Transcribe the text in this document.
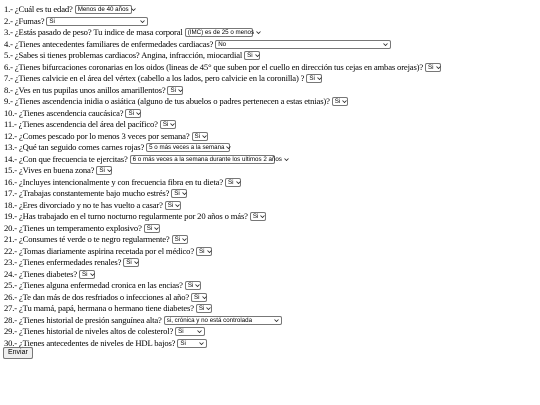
1.- ¿Cuál es tu edad? Menos de 40 años
2.- ¿Fumas? Si
3.- ¿Estás pasado de peso? Tu indice de masa corporal (IMC) es de 25 o menos
4.- ¿Tienes antecedentes familiares de enfermedades cardiacas? No
5.- ¿Sabes si tienes problemas cardiacos? Angina, infracción, miocardial Si
6.- ¿Tienes bifurcaciones coronarias en los oidos (lineas de 45° que suben por el cuello en dirección tus cejas en ambas orejas)? Si
7.- ¿Tienes calvicie en el área del vértex (cabello a los lados, pero calvicie en la coronilla) ? Si
8.- ¿Ves en tus pupilas unos anillos amarillentos? Si
9.- ¿Tienes ascendencia inidia o asiática (alguno de tus abuelos o padres pertenecen a estas etnias)? Si
10.- ¿Tienes ascendencia caucásica? Si
11.- ¿Tienes ascendencia del área del pacífico? Si
12.- ¿Comes pescado por lo menos 3 veces por semana? Si
13.- ¿Qué tan seguido comes carnes rojas? 5 o más veces a la semana
14.- ¿Con que frecuencia te ejercitas? 6 o más veces a la semana durante los ultimos 2 años
15.- ¿Vives en buena zona? Si
16.- ¿Incluyes intencionalmente y con frecuencia fibra en tu dieta? Si
17.- ¿Trabajas constantemente bajo mucho estrés? Si
18.- ¿Eres divorciado y no te has vuelto a casar? Si
19.- ¿Has trabajado en el turno nocturno regularmente por 20 años o más? Si
20.- ¿Tienes un temperamento explosivo? Si
21.- ¿Consumes té verde o te negro regularmente? Si
22.- ¿Tomas diariamente aspirina recetada por el médico? Si
23.- ¿Tienes enfermedades renales? Si
24.- ¿Tienes diabetes? Si
25.- ¿Tienes alguna enfermedad cronica en las encias? Si
26.- ¿Te dan más de dos resfriados o infecciones al año? Si
27.- ¿Tu mamá, papá, hermana o hermano tiene diabetes? Si
28.- ¿Tienes historial de presión sanguínea alta? si, crónica y no está controlada
29.- ¿Tienes historial de niveles altos de colesterol? Si
30.- ¿Tienes antecedentes de niveles de HDL bajos? Si
Enviar
